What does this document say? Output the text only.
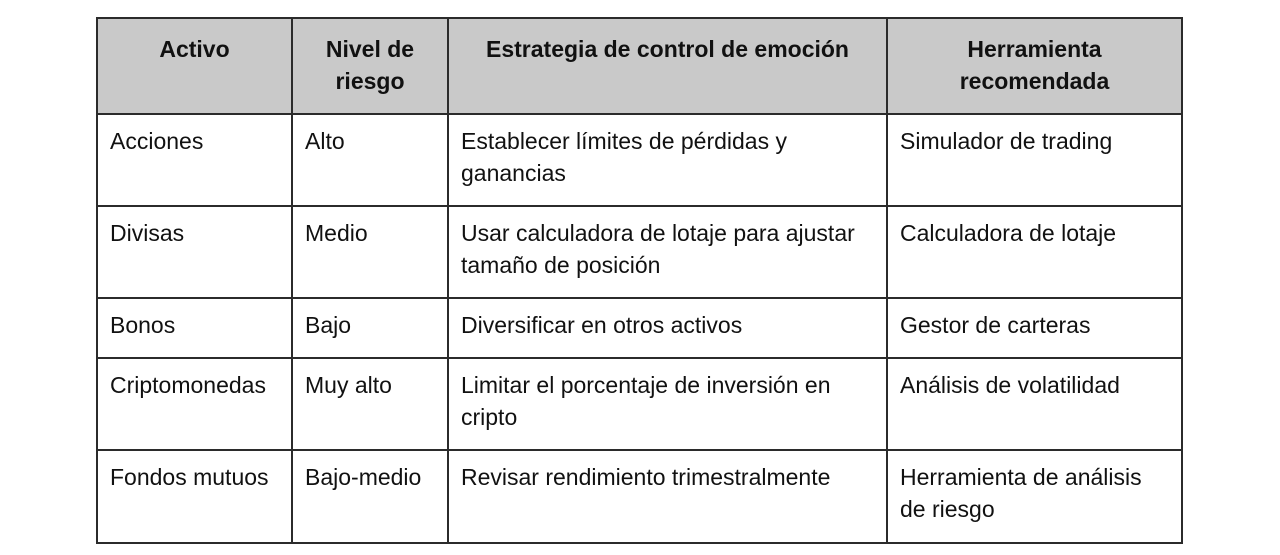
Activo	Nivel de riesgo	Estrategia de control de emoción	Herramienta recomendada
Acciones	Alto	Establecer límites de pérdidas y ganancias	Simulador de trading
Divisas	Medio	Usar calculadora de lotaje para ajustar tamaño de posición	Calculadora de lotaje
Bonos	Bajo	Diversificar en otros activos	Gestor de carteras
Criptomonedas	Muy alto	Limitar el porcentaje de inversión en cripto	Análisis de volatilidad
Fondos mutuos	Bajo-medio	Revisar rendimiento trimestralmente	Herramienta de análisis de riesgo
